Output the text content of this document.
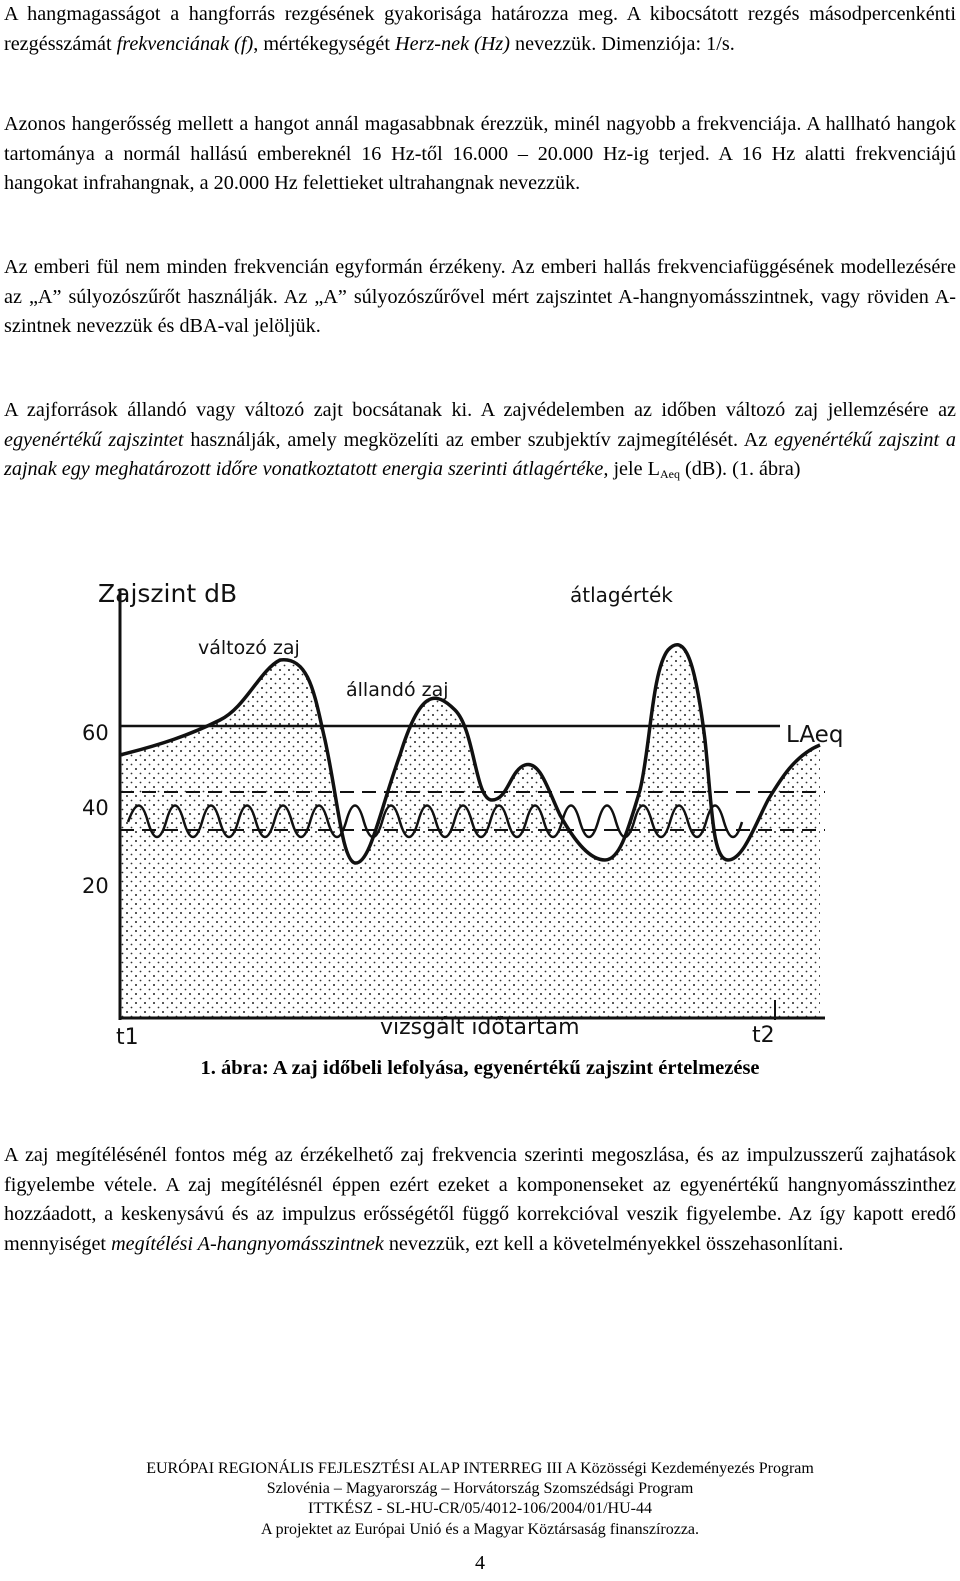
A hangmagasságot a hangforrás rezgésének gyakorisága határozza meg. A kibocsátott rezgés másodpercenkénti rezgésszámát frekvenciának (f), mértékegységét Herz-nek (Hz) nevezzük. Dimenziója: 1/s.
Azonos hangerősség mellett a hangot annál magasabbnak érezzük, minél nagyobb a frekvenciája. A hallható hangok tartománya a normál hallású embereknél 16 Hz-től 16.000 – 20.000 Hz-ig terjed. A 16 Hz alatti frekvenciájú hangokat infrahangnak, a 20.000 Hz felettieket ultrahangnak nevezzük.
Az emberi fül nem minden frekvencián egyformán érzékeny. Az emberi hallás frekvenciafüggésének modellezésére az „A” súlyozószűrőt használják. Az „A” súlyozószűrővel mért zajszintet A-hangnyomásszintnek, vagy röviden A-szintnek nevezzük és dBA-val jelöljük.
A zajforrások állandó vagy változó zajt bocsátanak ki. A zajvédelemben az időben változó zaj jellemzésére az egyenértékű zajszintet használják, amely megközelíti az ember szubjektív zajmegítélését. Az egyenértékű zajszint a zajnak egy meghatározott időre vonatkoztatott energia szerinti átlagértéke, jele $L_{Aeq}$ (dB). (1. ábra)
Zajszint dB
változó zaj
állandó zaj
átlagérték
LAeq
60
40
20
vizsgált időtartam
t1	t2
1. ábra: A zaj időbeli lefolyása, egyenértékű zajszint értelmezése
A zaj megítélésénél fontos még az érzékelhető zaj frekvencia szerinti megoszlása, és az impulzusszerű zajhatások figyelembe vétele. A zaj megítélésnél éppen ezért ezeket a komponenseket az egyenértékű hangnyomásszinthez hozzáadott, a keskenysávú és az impulzus erősségétől függő korrekcióval veszik figyelembe. Az így kapott eredő mennyiséget megítélési A-hangnyomásszintnek nevezzük, ezt kell a követelményekkel összehasonlítani.
EURÓPAI REGIONÁLIS FEJLESZTÉSI ALAP INTERREG III A Közösségi Kezdeményezés Program
Szlovénia – Magyarország – Horvátország Szomszédsági Program
ITTKÉSZ - SL-HU-CR/05/4012-106/2004/01/HU-44
A projektet az Európai Unió és a Magyar Köztársaság finanszírozza.
4
